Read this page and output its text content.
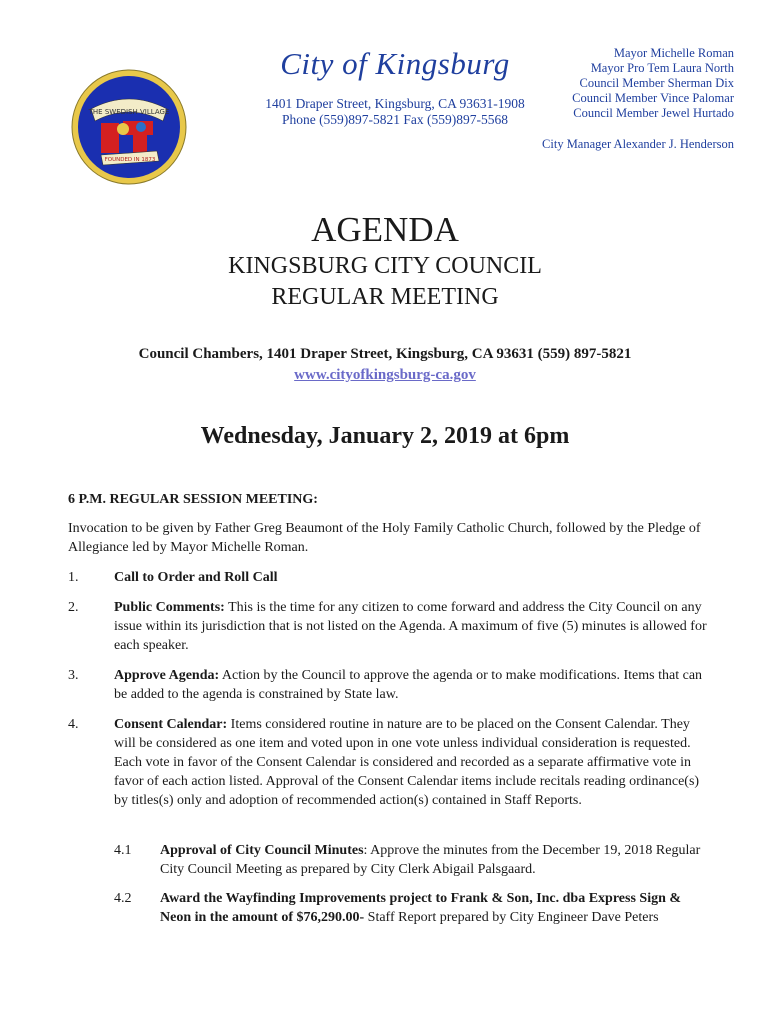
THE SWEDISH VILLAGE
FOUNDED IN 1873
City of Kingsburg
1401 Draper Street, Kingsburg, CA 93631-1908
Phone (559)897-5821 Fax (559)897-5568
Mayor Michelle Roman
Mayor Pro Tem Laura North
Council Member Sherman Dix
Council Member Vince Palomar
Council Member Jewel Hurtado
City Manager Alexander J. Henderson
AGENDA
KINGSBURG CITY COUNCIL
REGULAR MEETING
Council Chambers, 1401 Draper Street, Kingsburg, CA 93631 (559) 897-5821
www.cityofkingsburg-ca.gov
Wednesday, January 2, 2019 at 6pm
6 P.M. REGULAR SESSION MEETING:
Invocation to be given by Father Greg Beaumont of the Holy Family Catholic Church, followed by the Pledge of Allegiance led by Mayor Michelle Roman.
1.	Call to Order and Roll Call
2.	Public Comments: This is the time for any citizen to come forward and address the City Council on any issue within its jurisdiction that is not listed on the Agenda. A maximum of five (5) minutes is allowed for each speaker.
3.	Approve Agenda: Action by the Council to approve the agenda or to make modifications. Items that can be added to the agenda is constrained by State law.
4.	Consent Calendar: Items considered routine in nature are to be placed on the Consent Calendar. They will be considered as one item and voted upon in one vote unless individual consideration is requested. Each vote in favor of the Consent Calendar is considered and recorded as a separate affirmative vote in favor of each action listed. Approval of the Consent Calendar items include recitals reading ordinance(s) by titles(s) only and adoption of recommended action(s) contained in Staff Reports.
4.1 Approval of City Council Minutes: Approve the minutes from the December 19, 2018 Regular City Council Meeting as prepared by City Clerk Abigail Palsgaard.
4.2 Award the Wayfinding Improvements project to Frank & Son, Inc. dba Express Sign & Neon in the amount of $76,290.00- Staff Report prepared by City Engineer Dave Peters
